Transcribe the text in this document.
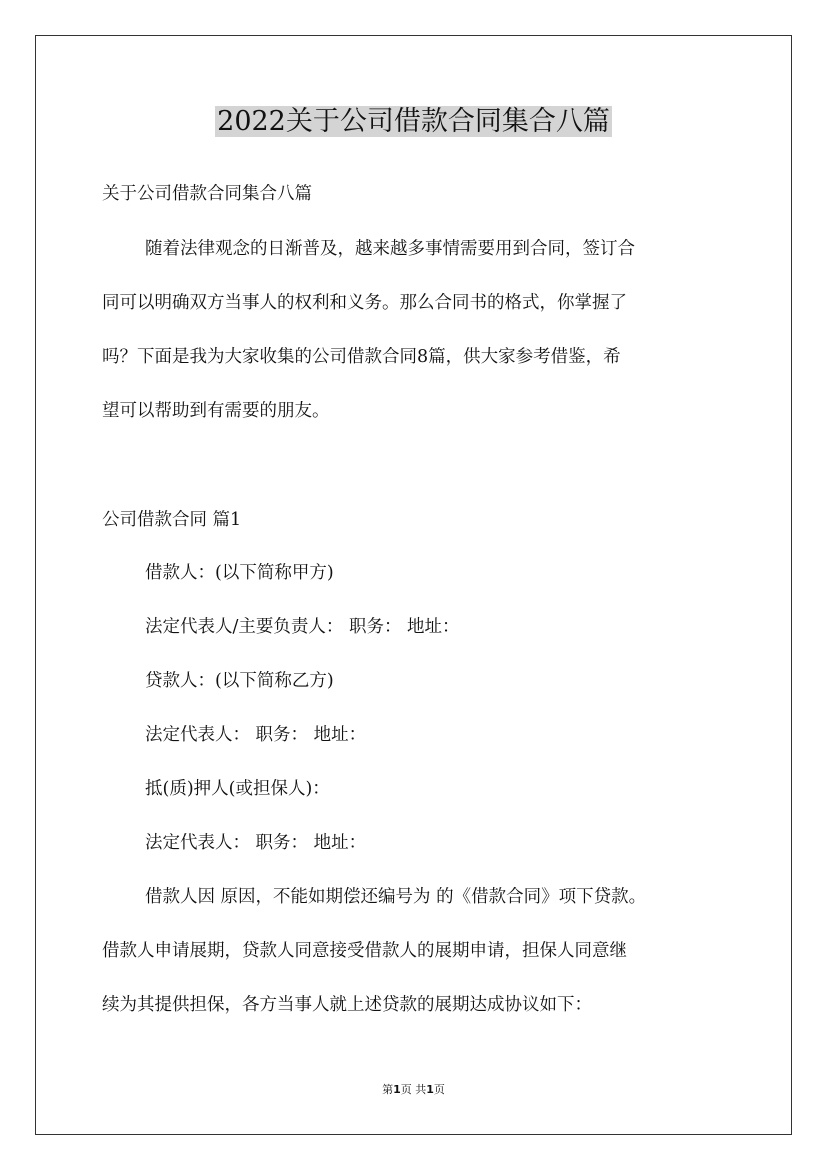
2022关于公司借款合同集合八篇
关于公司借款合同集合八篇
随着法律观念的日渐普及，越来越多事情需要用到合同，签订合
同可以明确双方当事人的权利和义务。那么合同书的格式，你掌握了
吗？下面是我为大家收集的公司借款合同8篇，供大家参考借鉴，希
望可以帮助到有需要的朋友。
公司借款合同 篇1
借款人：(以下简称甲方)
法定代表人/主要负责人： 职务： 地址：
贷款人：(以下简称乙方)
法定代表人： 职务： 地址：
抵(质)押人(或担保人)：
法定代表人： 职务： 地址：
借款人因 原因，不能如期偿还编号为 的《借款合同》项下贷款。
借款人申请展期，贷款人同意接受借款人的展期申请，担保人同意继
续为其提供担保，各方当事人就上述贷款的展期达成协议如下：
第1页 共1页
